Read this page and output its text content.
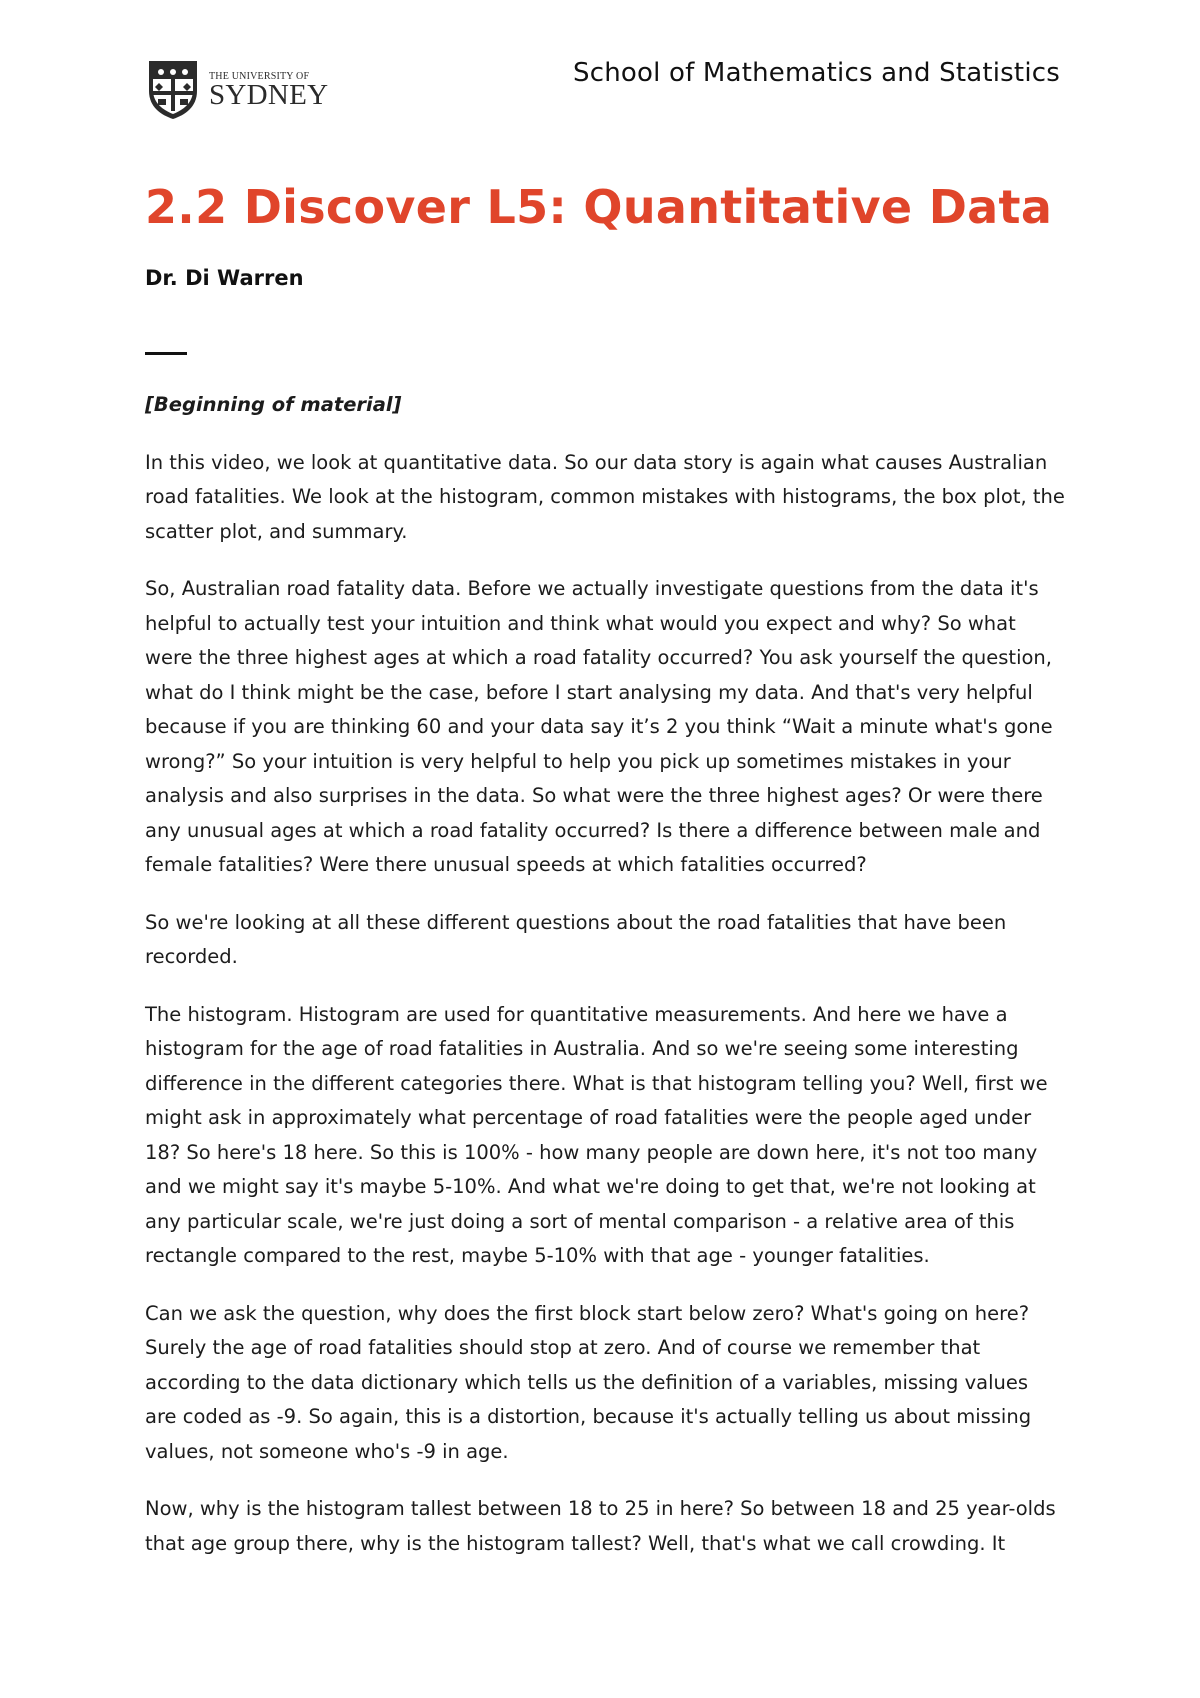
THE UNIVERSITY OF
SYDNEY
School of Mathematics and Statistics
2.2 Discover L5: Quantitative Data
Dr. Di Warren

[Beginning of material]

In this video, we look at quantitative data. So our data story is again what causes Australian road fatalities. We look at the histogram, common mistakes with histograms, the box plot, the scatter plot, and summary.

So, Australian road fatality data. Before we actually investigate questions from the data it's helpful to actually test your intuition and think what would you expect and why? So what were the three highest ages at which a road fatality occurred? You ask yourself the question, what do I think might be the case, before I start analysing my data. And that's very helpful because if you are thinking 60 and your data say it’s 2 you think “Wait a minute what's gone wrong?” So your intuition is very helpful to help you pick up sometimes mistakes in your analysis and also surprises in the data. So what were the three highest ages? Or were there any unusual ages at which a road fatality occurred? Is there a difference between male and female fatalities? Were there unusual speeds at which fatalities occurred?

So we're looking at all these different questions about the road fatalities that have been recorded.

The histogram. Histogram are used for quantitative measurements. And here we have a histogram for the age of road fatalities in Australia. And so we're seeing some interesting difference in the different categories there. What is that histogram telling you? Well, first we might ask in approximately what percentage of road fatalities were the people aged under 18? So here's 18 here. So this is 100% - how many people are down here, it's not too many and we might say it's maybe 5-10%. And what we're doing to get that, we're not looking at any particular scale, we're just doing a sort of mental comparison - a relative area of this rectangle compared to the rest, maybe 5-10% with that age - younger fatalities.

Can we ask the question, why does the first block start below zero? What's going on here? Surely the age of road fatalities should stop at zero. And of course we remember that according to the data dictionary which tells us the definition of a variables, missing values are coded as -9. So again, this is a distortion, because it's actually telling us about missing values, not someone who's -9 in age.

Now, why is the histogram tallest between 18 to 25 in here? So between 18 and 25 year-olds that age group there, why is the histogram tallest? Well, that's what we call crowding. It
